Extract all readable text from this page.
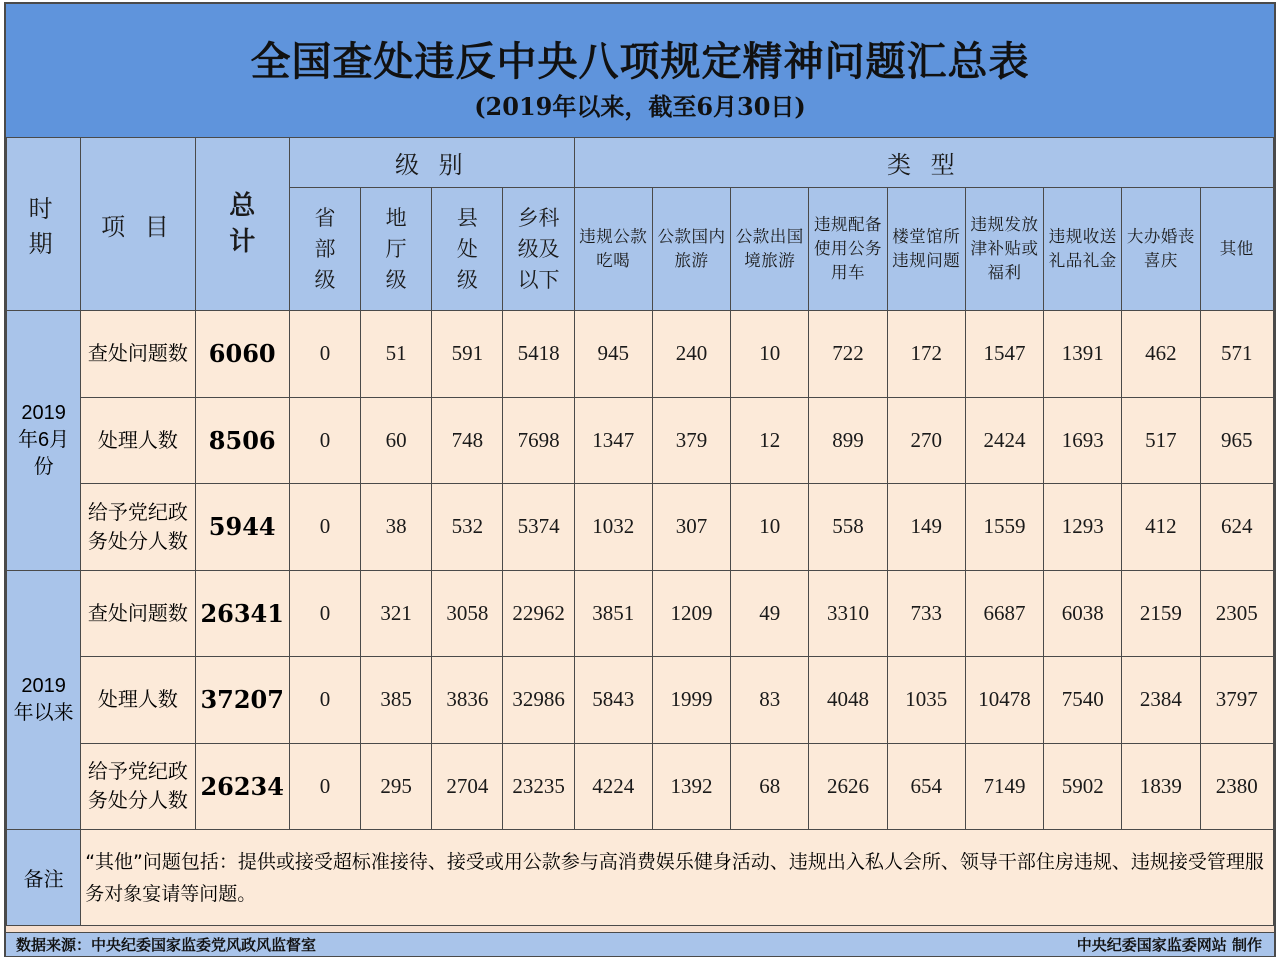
全国查处违反中央八项规定精神问题汇总表
(2019年以来，截至6月30日)
时 期	项 目	总计	级 别				类 型								

			省部级	地厅级	县处级	乡科级及以下	违规公款吃喝	公款国内旅游	公款出国境旅游	违规配备使用公务用车	楼堂馆所违规问题	违规发放津补贴或福利	违规收送礼品礼金	大办婚丧喜庆	其他

2019年6月份	查处问题数	6060	0	51	591	5418	945	240	10	722	172	1547	1391	462	571

	处理人数	8506	0	60	748	7698	1347	379	12	899	270	2424	1693	517	965

	给予党纪政务处分人数	5944	0	38	532	5374	1032	307	10	558	149	1559	1293	412	624

2019年以来	查处问题数	26341	0	321	3058	22962	3851	1209	49	3310	733	6687	6038	2159	2305

	处理人数	37207	0	385	3836	32986	5843	1999	83	4048	1035	10478	7540	2384	3797

	给予党纪政务处分人数	26234	0	295	2704	23235	4224	1392	68	2626	654	7149	5902	1839	2380
备注	“其他”问题包括：提供或接受超标准接待、接受或用公款参与高消费娱乐健身活动、违规出入私人会所、领导干部住房违规、违规接受管理服务对象宴请等问题。														
数据来源：中央纪委国家监委党风政风监督室	中央纪委国家监委网站 制作
